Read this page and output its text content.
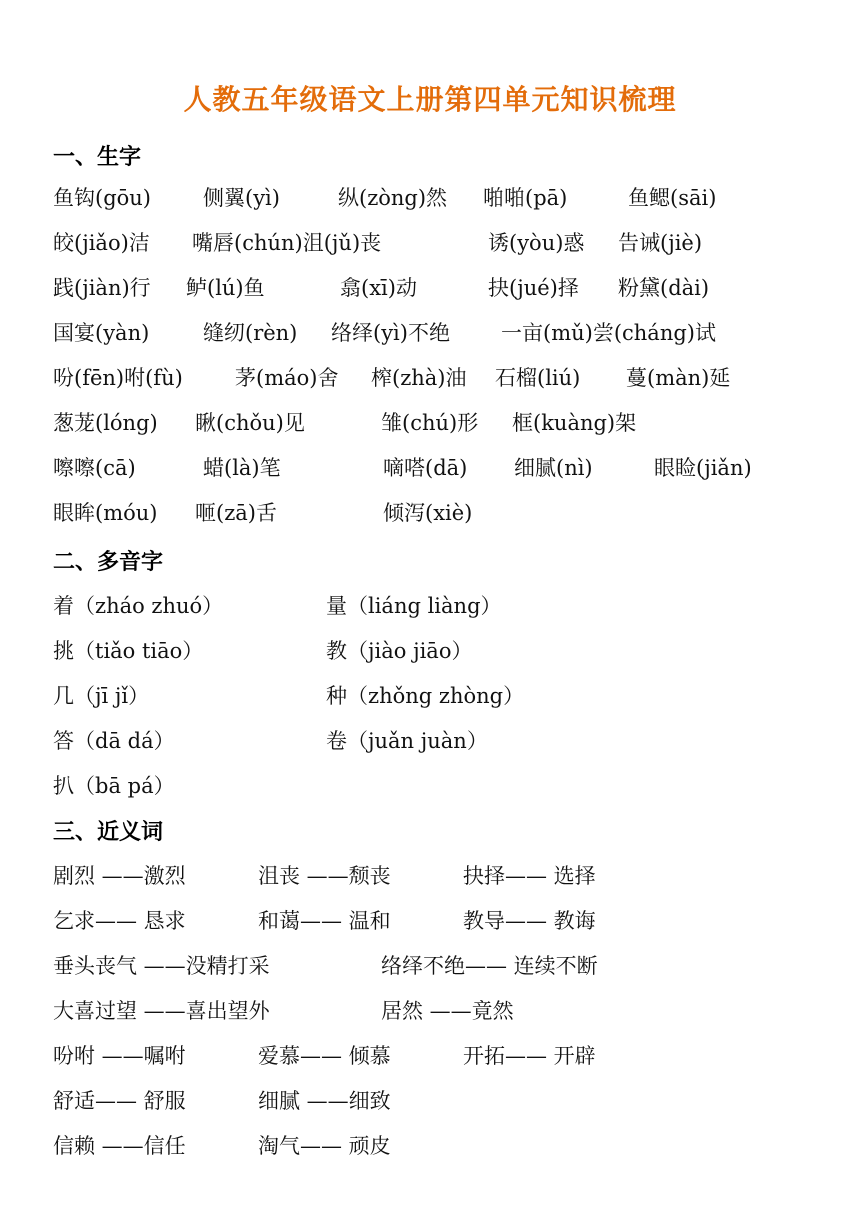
人教五年级语文上册第四单元知识梳理
一、生字
鱼钩(gōu) 侧翼(yì)	纵(zòng)然 啪啪(pā)	鱼鳃(sāi)
皎(jiǎo)洁 嘴唇(chún)沮(jǔ)丧	诱(yòu)惑 告诫(jiè)
践(jiàn)行 鲈(lú)鱼	翕(xī)动	抉(jué)择 粉黛(dài)
国宴(yàn)	缝纫(rèn) 络绎(yì)不绝 一亩(mǔ)尝(cháng)试
吩(fēn)咐(fù) 茅(máo)舍 榨(zhà)油 石榴(liú) 蔓(màn)延
葱茏(lóng) 瞅(chǒu)见	雏(chú)形 框(kuàng)架
嚓嚓(cā)	蜡(là)笔	嘀嗒(dā) 细腻(nì)	眼睑(jiǎn)
眼眸(móu) 咂(zā)舌	倾泻(xiè)
二、多音字
着（zháo zhuó）	量（liáng liàng）
挑（tiǎo tiāo）	教（jiào jiāo）
几（jī jǐ）	种（zhǒng zhòng）
答（dā dá）	卷（juǎn juàn）
扒（bā pá）
三、近义词
剧烈 ——激烈	沮丧 ——颓丧	抉择—— 选择
乞求—— 恳求	和蔼—— 温和	教导—— 教诲
垂头丧气 ——没精打采	络绎不绝—— 连续不断
大喜过望 ——喜出望外	居然 ——竟然
吩咐 ——嘱咐	爱慕—— 倾慕	开拓—— 开辟
舒适—— 舒服	细腻 ——细致
信赖 ——信任	淘气—— 顽皮
